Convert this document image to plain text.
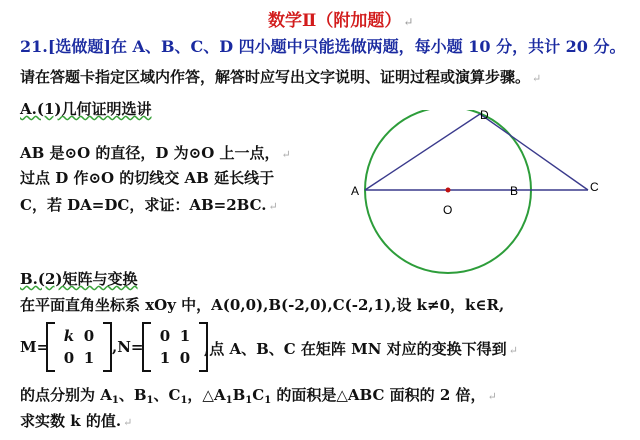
数学Ⅱ（附加题） ↵
21.[选做题]在 A、B、C、D 四小题中只能选做两题，每小题 10 分，共计 20 分。
请在答题卡指定区域内作答，解答时应写出文字说明、证明过程或演算步骤。 ↵
A.(1)几何证明选讲
AB 是⊙O 的直径，D 为⊙O 上一点， ↵
过点 D 作⊙O 的切线交 AB 延长线于
C，若 DA=DC，求证：AB=2BC. ↵
A	B	C
D
O
B.(2)矩阵与变换
在平面直角坐标系 xOy 中，A(0,0),B(-2,0),C(-2,1),设 k≠0，k∈R,
M=
k 0
0 1
,N=
0 1
1 0 ,点 A、B、C 在矩阵 MN 对应的变换下得到 ↵
的点分别为 $A_1$、$B_1$、$C_1$，$\triangle A_1B_1C_1$ 的面积是△ABC 面积的 2 倍， ↵
求实数 k 的值. ↵
